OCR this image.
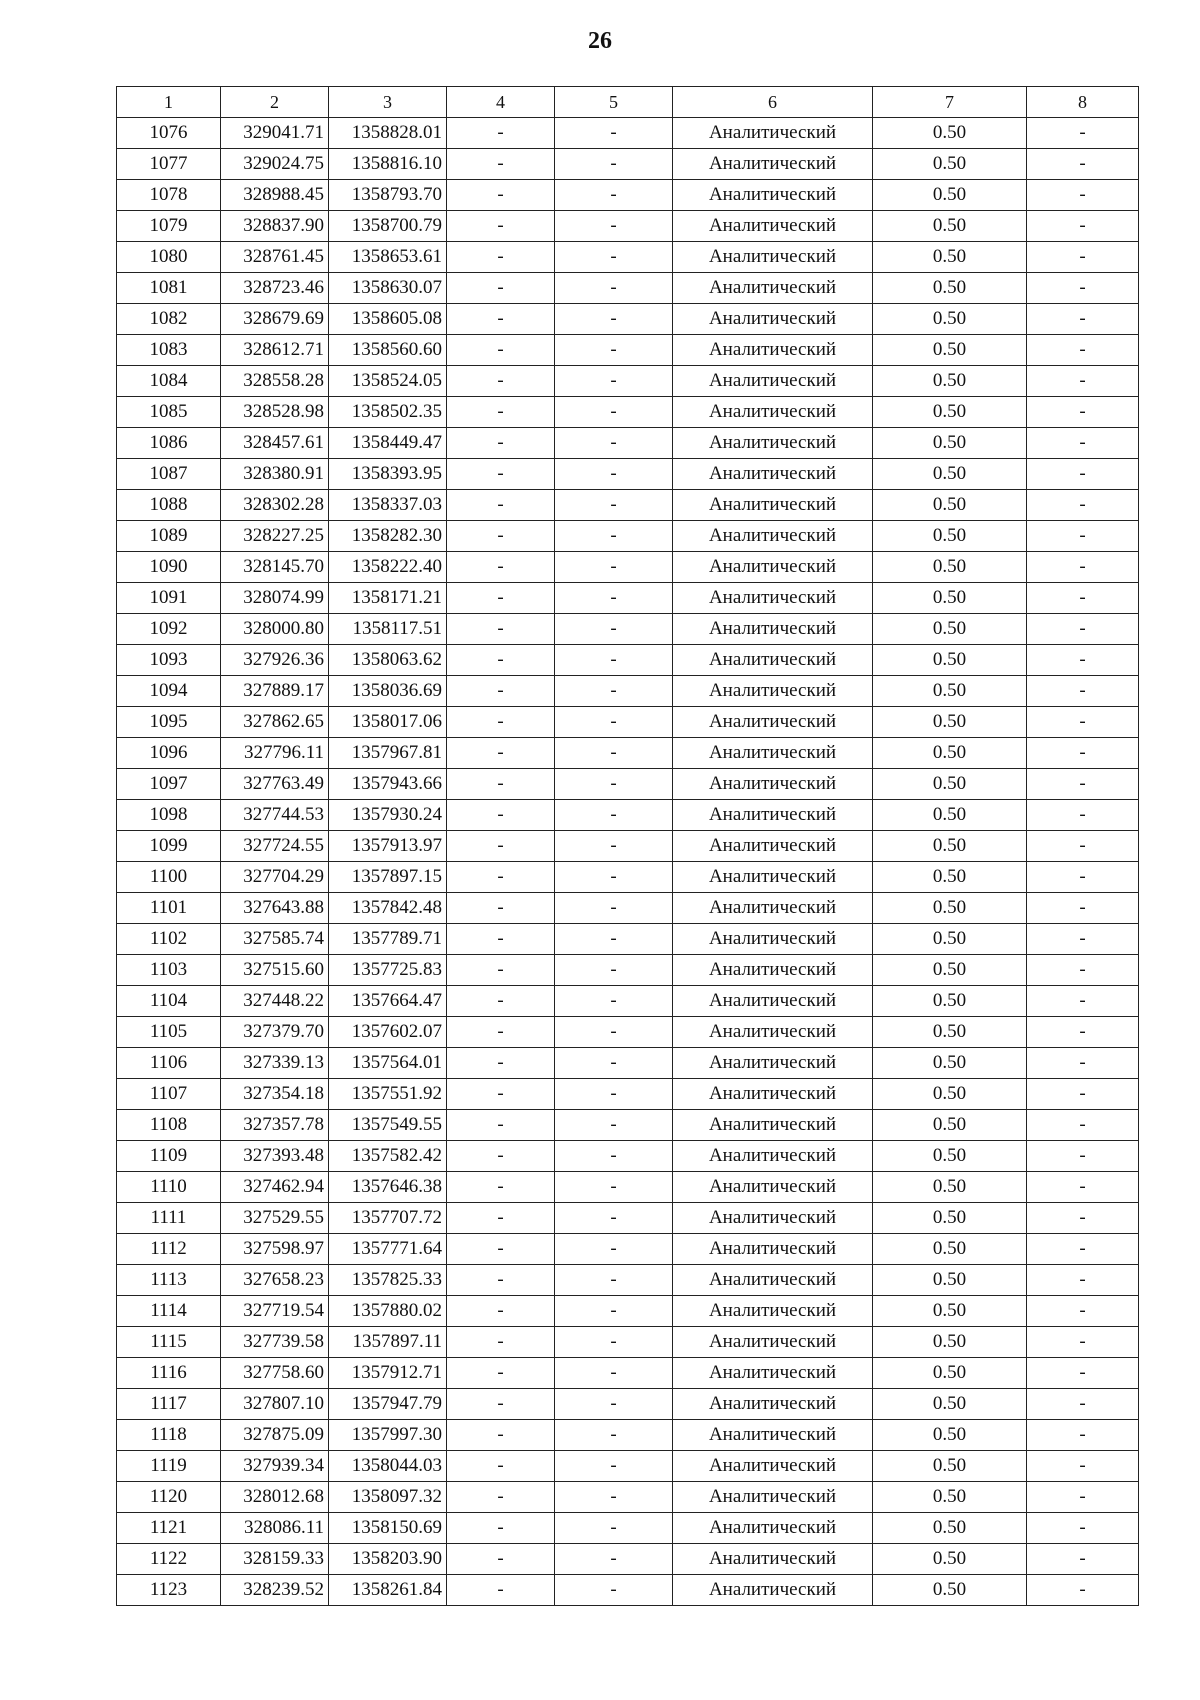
26
1	2	3	4	5	6	7	8
1076	329041.71	1358828.01	-	-	Аналитический	0.50	-
1077	329024.75	1358816.10	-	-	Аналитический	0.50	-
1078	328988.45	1358793.70	-	-	Аналитический	0.50	-
1079	328837.90	1358700.79	-	-	Аналитический	0.50	-
1080	328761.45	1358653.61	-	-	Аналитический	0.50	-
1081	328723.46	1358630.07	-	-	Аналитический	0.50	-
1082	328679.69	1358605.08	-	-	Аналитический	0.50	-
1083	328612.71	1358560.60	-	-	Аналитический	0.50	-
1084	328558.28	1358524.05	-	-	Аналитический	0.50	-
1085	328528.98	1358502.35	-	-	Аналитический	0.50	-
1086	328457.61	1358449.47	-	-	Аналитический	0.50	-
1087	328380.91	1358393.95	-	-	Аналитический	0.50	-
1088	328302.28	1358337.03	-	-	Аналитический	0.50	-
1089	328227.25	1358282.30	-	-	Аналитический	0.50	-
1090	328145.70	1358222.40	-	-	Аналитический	0.50	-
1091	328074.99	1358171.21	-	-	Аналитический	0.50	-
1092	328000.80	1358117.51	-	-	Аналитический	0.50	-
1093	327926.36	1358063.62	-	-	Аналитический	0.50	-
1094	327889.17	1358036.69	-	-	Аналитический	0.50	-
1095	327862.65	1358017.06	-	-	Аналитический	0.50	-
1096	327796.11	1357967.81	-	-	Аналитический	0.50	-
1097	327763.49	1357943.66	-	-	Аналитический	0.50	-
1098	327744.53	1357930.24	-	-	Аналитический	0.50	-
1099	327724.55	1357913.97	-	-	Аналитический	0.50	-
1100	327704.29	1357897.15	-	-	Аналитический	0.50	-
1101	327643.88	1357842.48	-	-	Аналитический	0.50	-
1102	327585.74	1357789.71	-	-	Аналитический	0.50	-
1103	327515.60	1357725.83	-	-	Аналитический	0.50	-
1104	327448.22	1357664.47	-	-	Аналитический	0.50	-
1105	327379.70	1357602.07	-	-	Аналитический	0.50	-
1106	327339.13	1357564.01	-	-	Аналитический	0.50	-
1107	327354.18	1357551.92	-	-	Аналитический	0.50	-
1108	327357.78	1357549.55	-	-	Аналитический	0.50	-
1109	327393.48	1357582.42	-	-	Аналитический	0.50	-
1110	327462.94	1357646.38	-	-	Аналитический	0.50	-
1111	327529.55	1357707.72	-	-	Аналитический	0.50	-
1112	327598.97	1357771.64	-	-	Аналитический	0.50	-
1113	327658.23	1357825.33	-	-	Аналитический	0.50	-
1114	327719.54	1357880.02	-	-	Аналитический	0.50	-
1115	327739.58	1357897.11	-	-	Аналитический	0.50	-
1116	327758.60	1357912.71	-	-	Аналитический	0.50	-
1117	327807.10	1357947.79	-	-	Аналитический	0.50	-
1118	327875.09	1357997.30	-	-	Аналитический	0.50	-
1119	327939.34	1358044.03	-	-	Аналитический	0.50	-
1120	328012.68	1358097.32	-	-	Аналитический	0.50	-
1121	328086.11	1358150.69	-	-	Аналитический	0.50	-
1122	328159.33	1358203.90	-	-	Аналитический	0.50	-
1123	328239.52	1358261.84	-	-	Аналитический	0.50	-
